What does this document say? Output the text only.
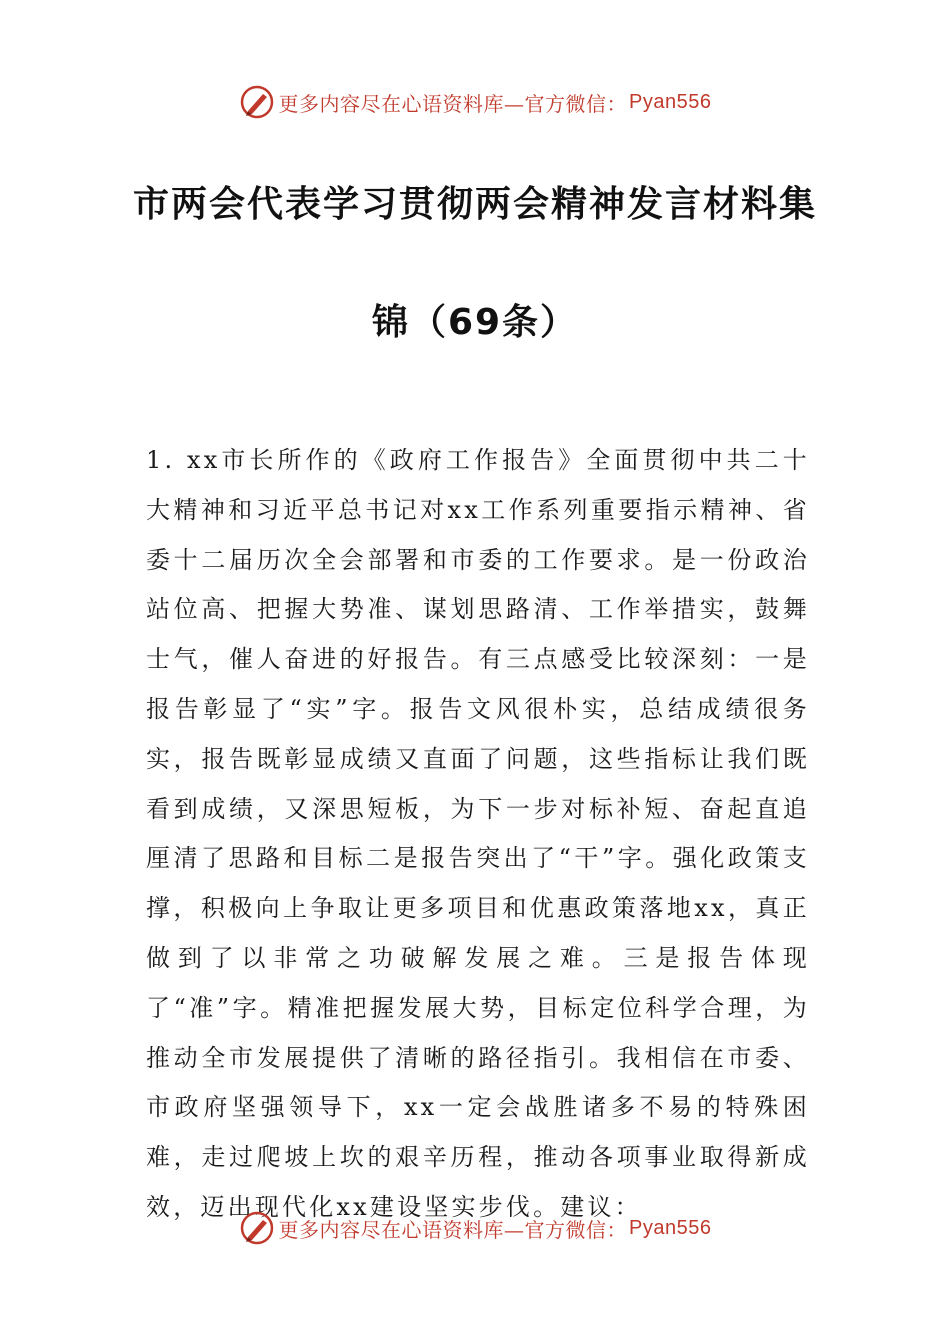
更多内容尽在心语资料库—官方微信： Pyan556
市两会代表学习贯彻两会精神发言材料集
锦（69条）
1. xx市长所作的《政府工作报告》全面贯彻中共二十大精神和习近平总书记对xx工作系列重要指示精神、省委十二届历次全会部署和市委的工作要求。是一份政治站位高、把握大势准、谋划思路清、工作举措实，鼓舞士气，催人奋进的好报告。有三点感受比较深刻：一是报告彰显了“实”字。报告文风很朴实，总结成绩很务实，报告既彰显成绩又直面了问题，这些指标让我们既看到成绩，又深思短板，为下一步对标补短、奋起直追厘清了思路和目标二是报告突出了“干”字。强化政策支撑，积极向上争取让更多项目和优惠政策落地xx，真正做到了以非常之功破解发展之难。三是报告体现了“准”字。精准把握发展大势，目标定位科学合理，为推动全市发展提供了清晰的路径指引。我相信在市委、市政府坚强领导下，xx一定会战胜诸多不易的特殊困难，走过爬坡上坎的艰辛历程，推动各项事业取得新成效，迈出现代化xx建设坚实步伐。建议：
更多内容尽在心语资料库—官方微信： Pyan556
